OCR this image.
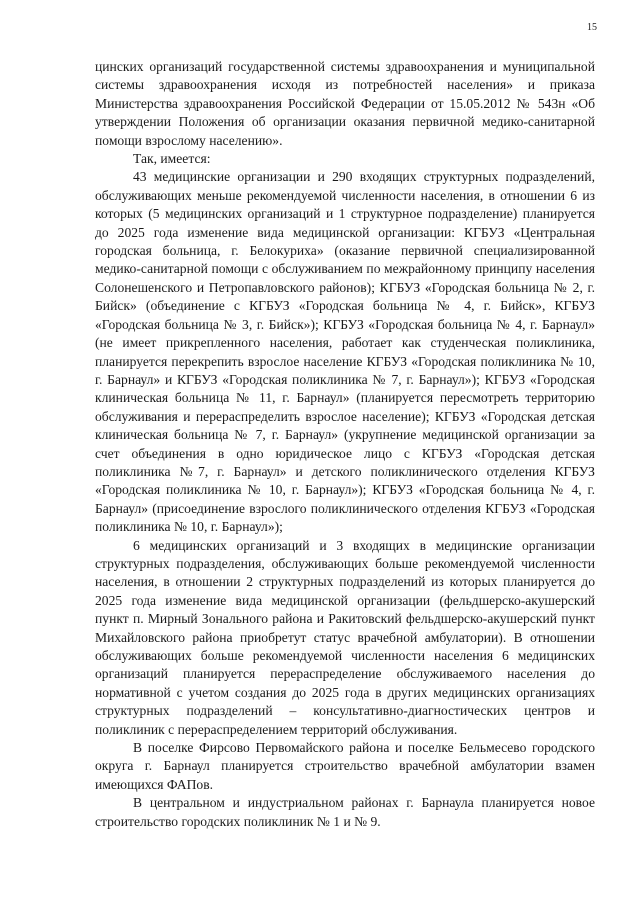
15

цинских организаций государственной системы здравоохранения и муниципальной системы здравоохранения исходя из потребностей населения» и приказа Министерства здравоохранения Российской Федерации от 15.05.2012 № 543н «Об утверждении Положения об организации оказания первичной медико-санитарной помощи взрослому населению».

Так, имеется:

43 медицинские организации и 290 входящих структурных подразделений, обслуживающих меньше рекомендуемой численности населения, в отношении 6 из которых (5 медицинских организаций и 1 структурное подразделение) планируется до 2025 года изменение вида медицинской организации: КГБУЗ «Центральная городская больница, г. Белокуриха» (оказание первичной специализированной медико-санитарной помощи с обслуживанием по межрайонному принципу населения Солонешенского и Петропавловского районов); КГБУЗ «Городская больница № 2, г. Бийск» (объединение с КГБУЗ «Городская больница № 4, г. Бийск», КГБУЗ «Городская больница № 3, г. Бийск»); КГБУЗ «Городская больница № 4, г. Барнаул» (не имеет прикрепленного населения, работает как студенческая поликлиника, планируется перекрепить взрослое население КГБУЗ «Городская поликлиника № 10, г. Барнаул» и КГБУЗ «Городская поликлиника № 7, г. Барнаул»); КГБУЗ «Городская клиническая больница № 11, г. Барнаул» (планируется пересмотреть территорию обслуживания и перераспределить взрослое население); КГБУЗ «Городская детская клиническая больница № 7, г. Барнаул» (укрупнение медицинской организации за счет объединения в одно юридическое лицо с КГБУЗ «Городская детская поликлиника №7, г. Барнаул» и детского поликлинического отделения КГБУЗ «Городская поликлиника № 10, г. Барнаул»); КГБУЗ «Городская больница № 4, г. Барнаул» (присоединение взрослого поликлинического отделения КГБУЗ «Городская поликлиника № 10, г. Барнаул»);

6 медицинских организаций и 3 входящих в медицинские организации структурных подразделения, обслуживающих больше рекомендуемой численности населения, в отношении 2 структурных подразделений из которых планируется до 2025 года изменение вида медицинской организации (фельдшерско-акушерский пункт п. Мирный Зонального района и Ракитовский фельдшерско-акушерский пункт Михайловского района приобретут статус врачебной амбулатории). В отношении обслуживающих больше рекомендуемой численности населения 6 медицинских организаций планируется перераспределение обслуживаемого населения до нормативной с учетом создания до 2025 года в других медицинских организациях структурных подразделений – консультативно-диагностических центров и поликлиник с перераспределением территорий обслуживания.

В поселке Фирсово Первомайского района и поселке Бельмесево городского округа г. Барнаул планируется строительство врачебной амбулатории взамен имеющихся ФАПов.

В центральном и индустриальном районах г. Барнаула планируется новое строительство городских поликлиник № 1 и № 9.
